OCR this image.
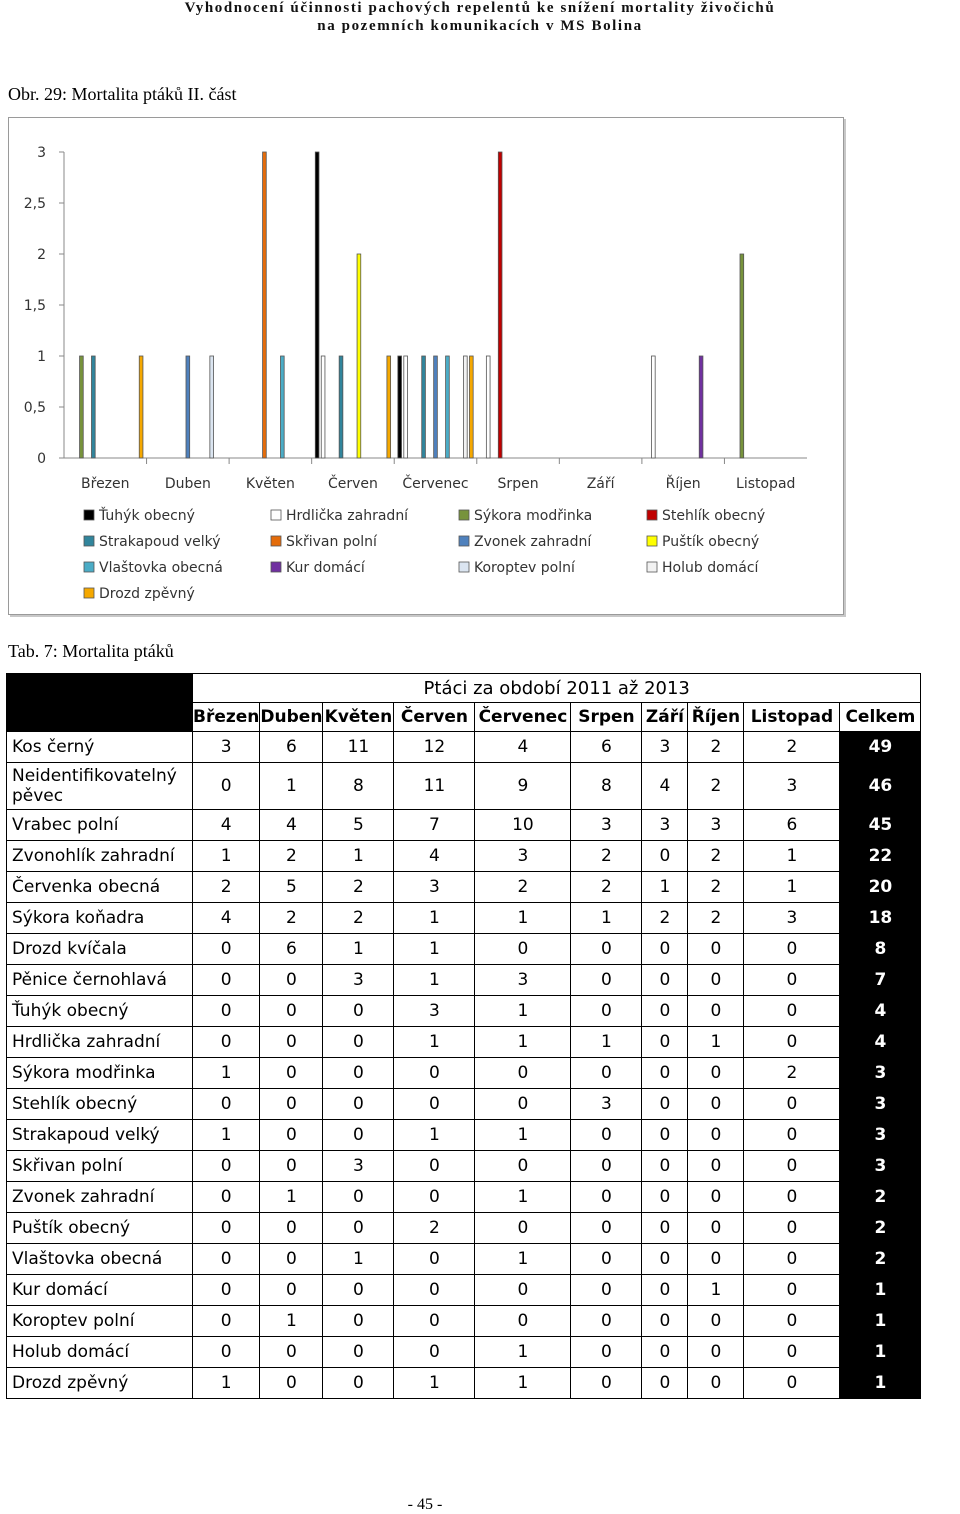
Vyhodnocení účinnosti pachových repelentů ke snížení mortality živočichů
na pozemních komunikacích v MS Bolina
Obr. 29: Mortalita ptáků II. část
0
0,5
1
1,5
2
2,5
3
Březen	Duben	Květen Červen Červenec Srpen	Září	Říjen	Listopad
Ťuhýk obecný	Hrdlička zahradní	Sýkora modřinka	Stehlík obecný
Strakapoud velký	Skřivan polní	Zvonek zahradní	Puštík obecný
Vlaštovka obecná	Kur domácí	Koroptev polní	Holub domácí
Drozd zpěvný
Tab. 7: Mortalita ptáků
	Ptáci za období 2011 až 2013									
	Březen	Duben	Květen	Červen	Červenec	Srpen	Září	Říjen	Listopad	Celkem
Kos černý	3	6	11	12	4	6	3	2	2	49
Neidentifikovatelný pěvec	0	1	8	11	9	8	4	2	3	46
Vrabec polní	4	4	5	7	10	3	3	3	6	45
Zvonohlík zahradní	1	2	1	4	3	2	0	2	1	22
Červenka obecná	2	5	2	3	2	2	1	2	1	20
Sýkora koňadra	4	2	2	1	1	1	2	2	3	18
Drozd kvíčala	0	6	1	1	0	0	0	0	0	8
Pěnice černohlavá	0	0	3	1	3	0	0	0	0	7
Ťuhýk obecný	0	0	0	3	1	0	0	0	0	4
Hrdlička zahradní	0	0	0	1	1	1	0	1	0	4
Sýkora modřinka	1	0	0	0	0	0	0	0	2	3
Stehlík obecný	0	0	0	0	0	3	0	0	0	3
Strakapoud velký	1	0	0	1	1	0	0	0	0	3
Skřivan polní	0	0	3	0	0	0	0	0	0	3
Zvonek zahradní	0	1	0	0	1	0	0	0	0	2
Puštík obecný	0	0	0	2	0	0	0	0	0	2
Vlaštovka obecná	0	0	1	0	1	0	0	0	0	2
Kur domácí	0	0	0	0	0	0	0	1	0	1
Koroptev polní	0	1	0	0	0	0	0	0	0	1
Holub domácí	0	0	0	0	1	0	0	0	0	1
Drozd zpěvný	1	0	0	1	1	0	0	0	0	1
- 45 -
